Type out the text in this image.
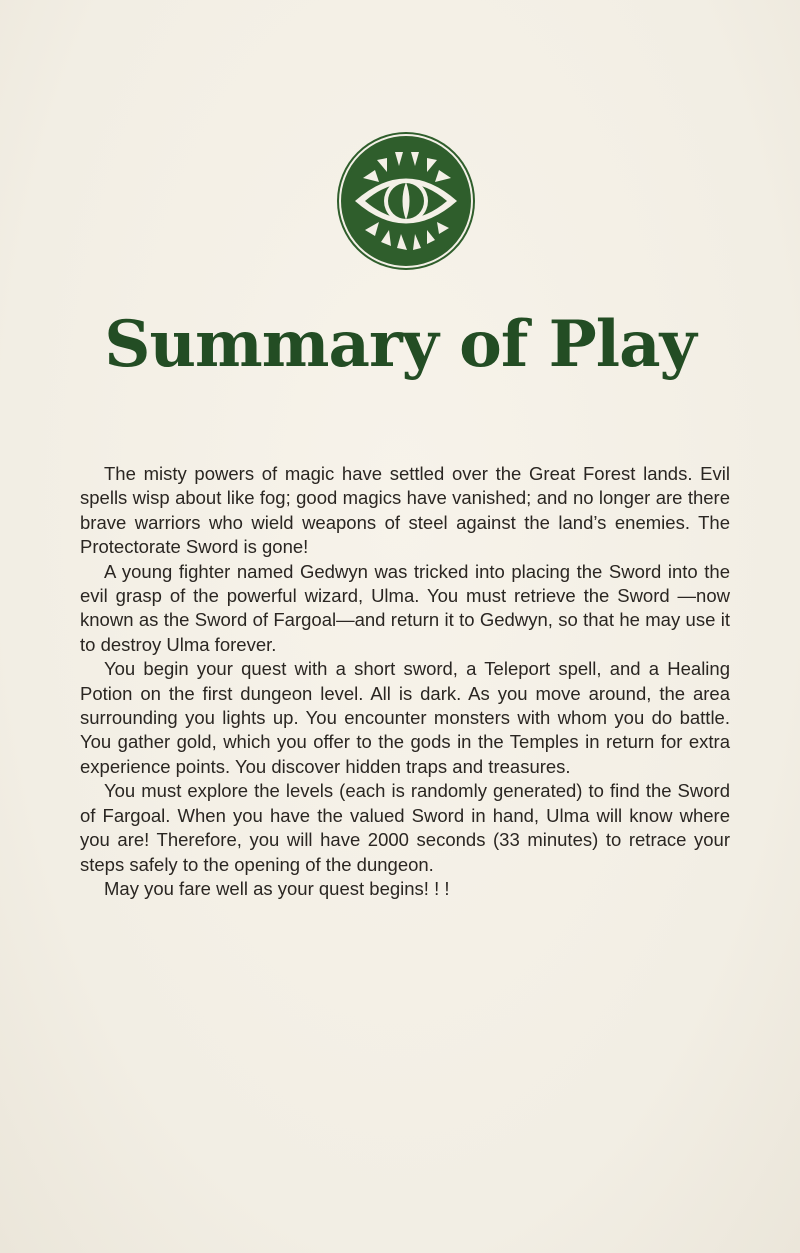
Summary of Play

The misty powers of magic have settled over the Great Forest lands. Evil spells wisp about like fog; good magics have vanished; and no longer are there brave warriors who wield weapons of steel against the land’s enemies. The Protectorate Sword is gone!

A young fighter named Gedwyn was tricked into placing the Sword into the evil grasp of the powerful wizard, Ulma. You must retrieve the Sword —now known as the Sword of Fargoal—and return it to Gedwyn, so that he may use it to destroy Ulma forever.

You begin your quest with a short sword, a Teleport spell, and a Healing Potion on the first dungeon level. All is dark. As you move around, the area surrounding you lights up. You encounter monsters with whom you do battle. You gather gold, which you offer to the gods in the Temples in return for extra experience points. You discover hidden traps and treasures.

You must explore the levels (each is randomly generated) to find the Sword of Fargoal. When you have the valued Sword in hand, Ulma will know where you are! Therefore, you will have 2000 seconds (33 minutes) to retrace your steps safely to the opening of the dungeon.

May you fare well as your quest begins! ! !
